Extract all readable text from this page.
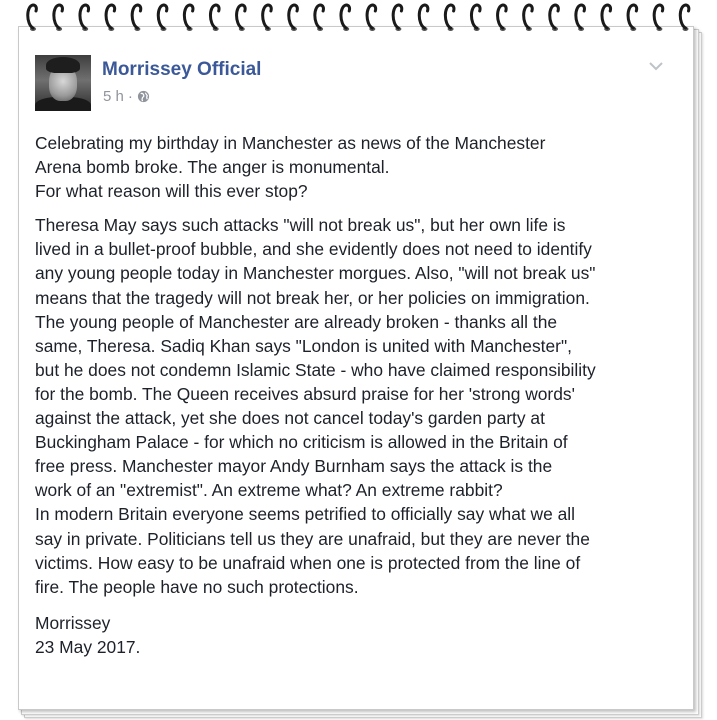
Morrissey Official
5 h ·

Celebrating my birthday in Manchester as news of the Manchester
Arena bomb broke. The anger is monumental.
For what reason will this ever stop?

Theresa May says such attacks "will not break us", but her own life is
lived in a bullet-proof bubble, and she evidently does not need to identify
any young people today in Manchester morgues. Also, "will not break us"
means that the tragedy will not break her, or her policies on immigration.
The young people of Manchester are already broken - thanks all the
same, Theresa. Sadiq Khan says "London is united with Manchester",
but he does not condemn Islamic State - who have claimed responsibility
for the bomb. The Queen receives absurd praise for her 'strong words'
against the attack, yet she does not cancel today's garden party at
Buckingham Palace - for which no criticism is allowed in the Britain of
free press. Manchester mayor Andy Burnham says the attack is the
work of an "extremist". An extreme what? An extreme rabbit?
In modern Britain everyone seems petrified to officially say what we all
say in private. Politicians tell us they are unafraid, but they are never the
victims. How easy to be unafraid when one is protected from the line of
fire. The people have no such protections.

Morrissey
23 May 2017.
